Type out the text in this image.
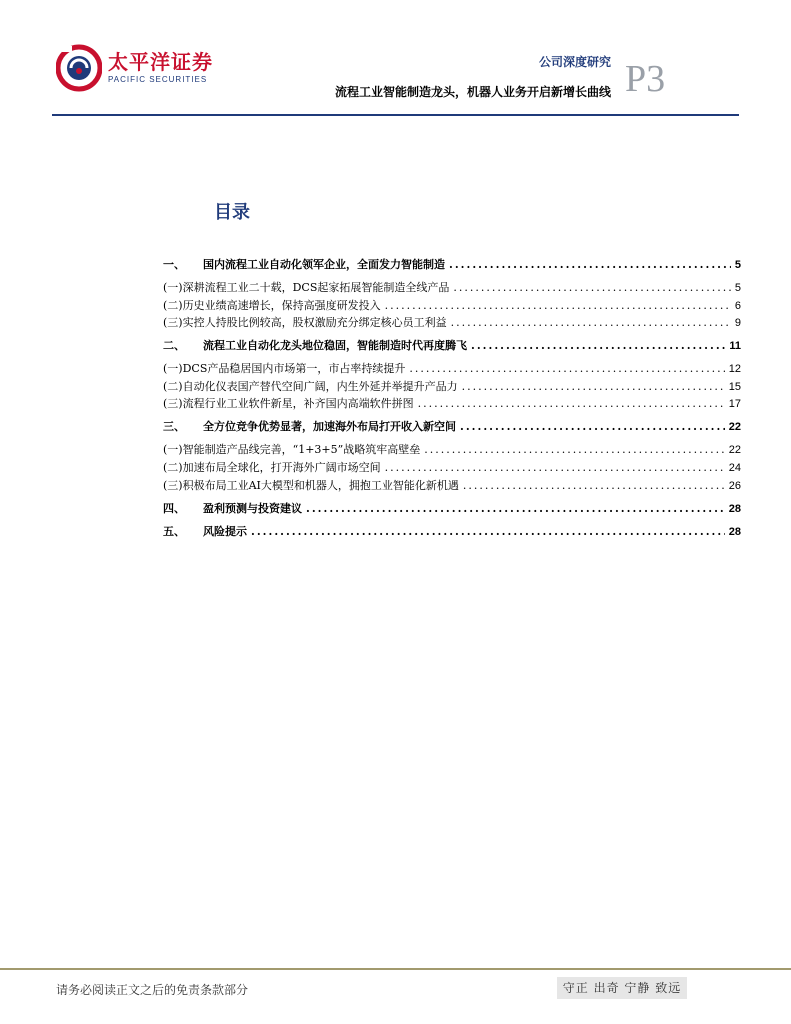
太平洋证券
PACIFIC SECURITIES
公司深度研究
流程工业智能制造龙头，机器人业务开启新增长曲线 P3
目录
一、	国内流程工业自动化领军企业，全面发力智能制造 .....	5
(一) 深耕流程工业二十载，DCS起家拓展智能制造全线产品 .....	5
(二) 历史业绩高速增长，保持高强度研发投入 .....	6
(三) 实控人持股比例较高，股权激励充分绑定核心员工利益 .....	9
二、	流程工业自动化龙头地位稳固，智能制造时代再度腾飞 .....	11
(一) DCS产品稳居国内市场第一，市占率持续提升 .....	12
(二) 自动化仪表国产替代空间广阔，内生外延并举提升产品力 .....	15
(三) 流程行业工业软件新星，补齐国内高端软件拼图 .....	17
三、	全方位竞争优势显著，加速海外布局打开收入新空间 .....	22
(一) 智能制造产品线完善，“1+3+5”战略筑牢高壁垒 .....	22
(二) 加速布局全球化，打开海外广阔市场空间 .....	24
(三) 积极布局工业AI大模型和机器人，拥抱工业智能化新机遇 .....	26
四、	盈利预测与投资建议 .....	28
五、	风险提示 .....	28
请务必阅读正文之后的免责条款部分	守正 出奇 宁静 致远
